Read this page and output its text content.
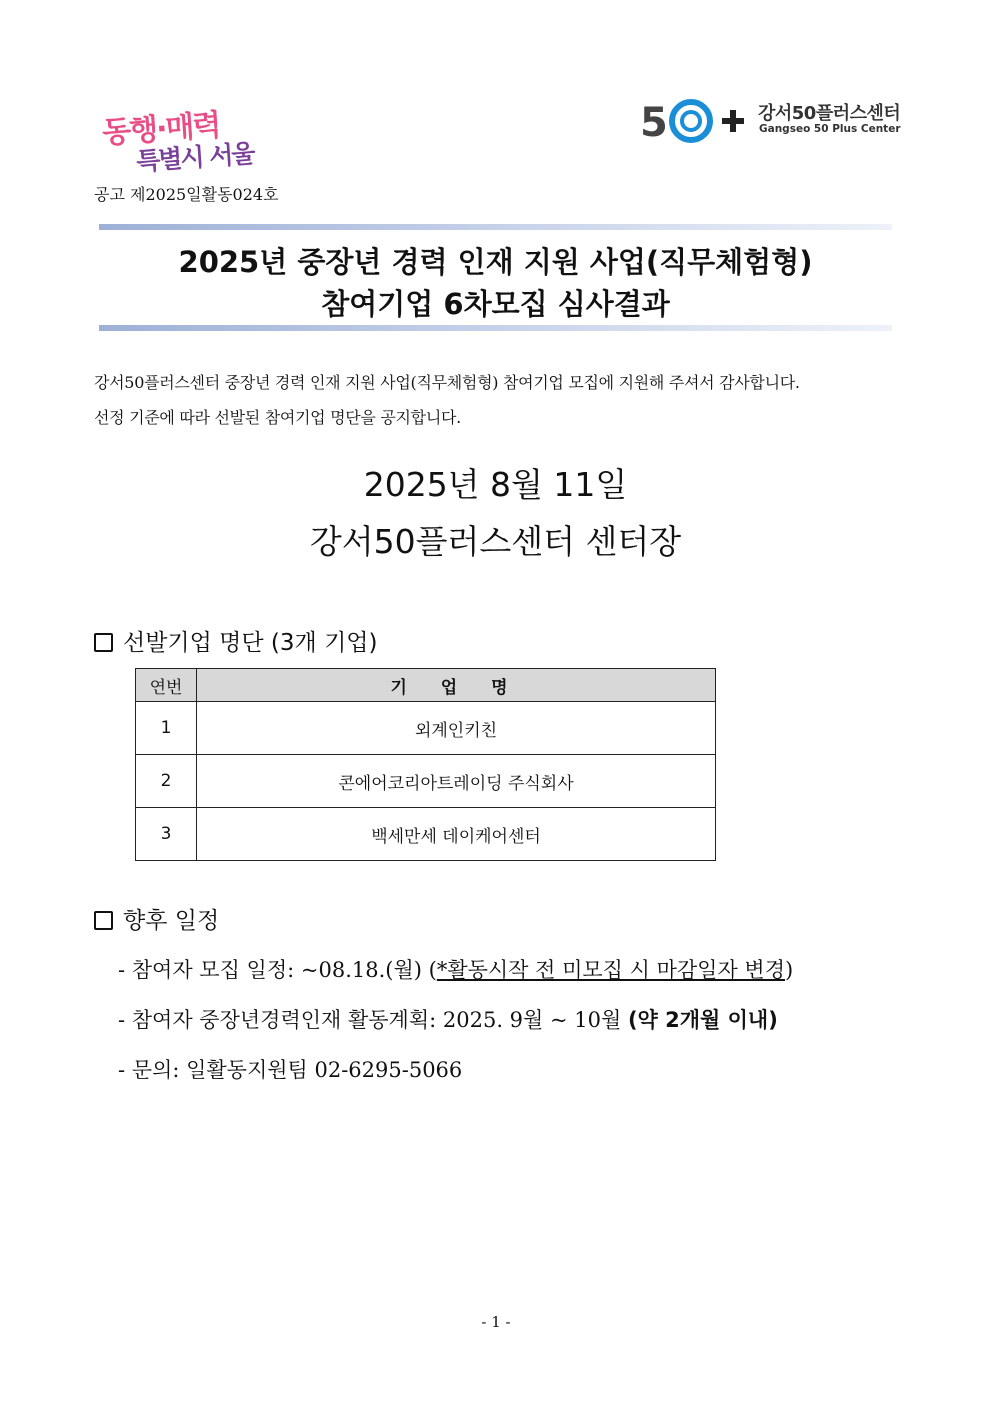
동행·매력
특별시 서울
5	강서50플러스센터
Gangseo 50 Plus Center
공고 제2025일활동024호
2025년 중장년 경력 인재 지원 사업(직무체험형)
참여기업 6차모집 심사결과
강서50플러스센터 중장년 경력 인재 지원 사업(직무체험형) 참여기업 모집에 지원해 주셔서 감사합니다.
선정 기준에 따라 선발된 참여기업 명단을 공지합니다.
2025년 8월 11일
강서50플러스센터 센터장
선발기업 명단 (3개 기업)
연번	기 업 명
1	외계인키친
2	콘에어코리아트레이딩 주식회사
3	백세만세 데이케어센터
향후 일정
- 참여자 모집 일정: ~08.18.(월) (*활동시작 전 미모집 시 마감일자 변경)
- 참여자 중장년경력인재 활동계획: 2025. 9월 ~ 10월 (약 2개월 이내)
- 문의: 일활동지원팀 02-6295-5066
- 1 -
